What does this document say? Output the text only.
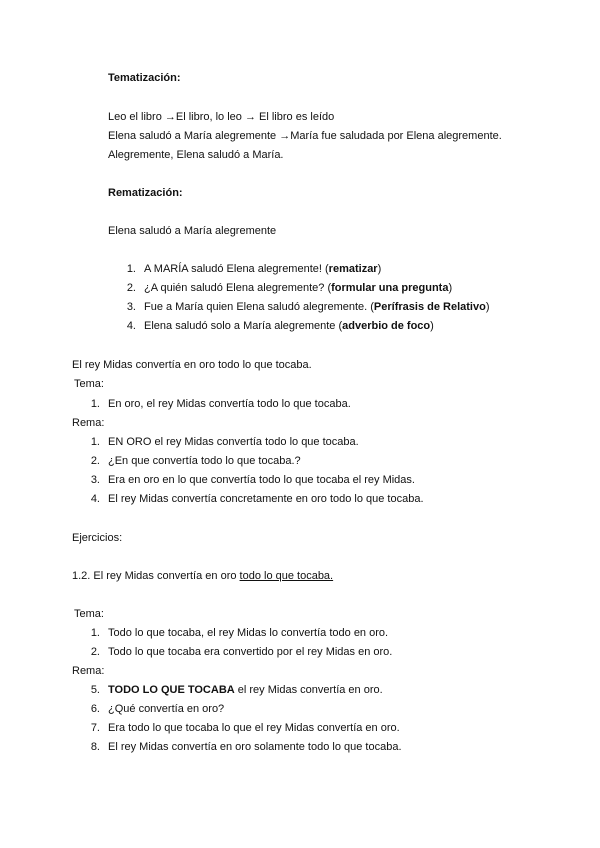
Tematización:
Leo el libro →El libro, lo leo → El libro es leído
Elena saludó a María alegremente →María fue saludada por Elena alegremente.
Alegremente, Elena saludó a María.
Rematización:
Elena saludó a María alegremente
1. A MARÍA saludó Elena alegremente! (rematizar)
2. ¿A quién saludó Elena alegremente? (formular una pregunta)
3. Fue a María quien Elena saludó alegremente. (Perífrasis de Relativo)
4. Elena saludó solo a María alegremente (adverbio de foco)
El rey Midas convertía en oro todo lo que tocaba.
Tema:
1. En oro, el rey Midas convertía todo lo que tocaba.
Rema:
1. EN ORO el rey Midas convertía todo lo que tocaba.
2. ¿En que convertía todo lo que tocaba.?
3. Era en oro en lo que convertía todo lo que tocaba el rey Midas.
4. El rey Midas convertía concretamente en oro todo lo que tocaba.
Ejercicios:
1.2. El rey Midas convertía en oro todo lo que tocaba.
Tema:
1. Todo lo que tocaba, el rey Midas lo convertía todo en oro.
2. Todo lo que tocaba era convertido por el rey Midas en oro.
Rema:
5. TODO LO QUE TOCABA el rey Midas convertía en oro.
6. ¿Qué convertía en oro?
7. Era todo lo que tocaba lo que el rey Midas convertía en oro.
8. El rey Midas convertía en oro solamente todo lo que tocaba.
